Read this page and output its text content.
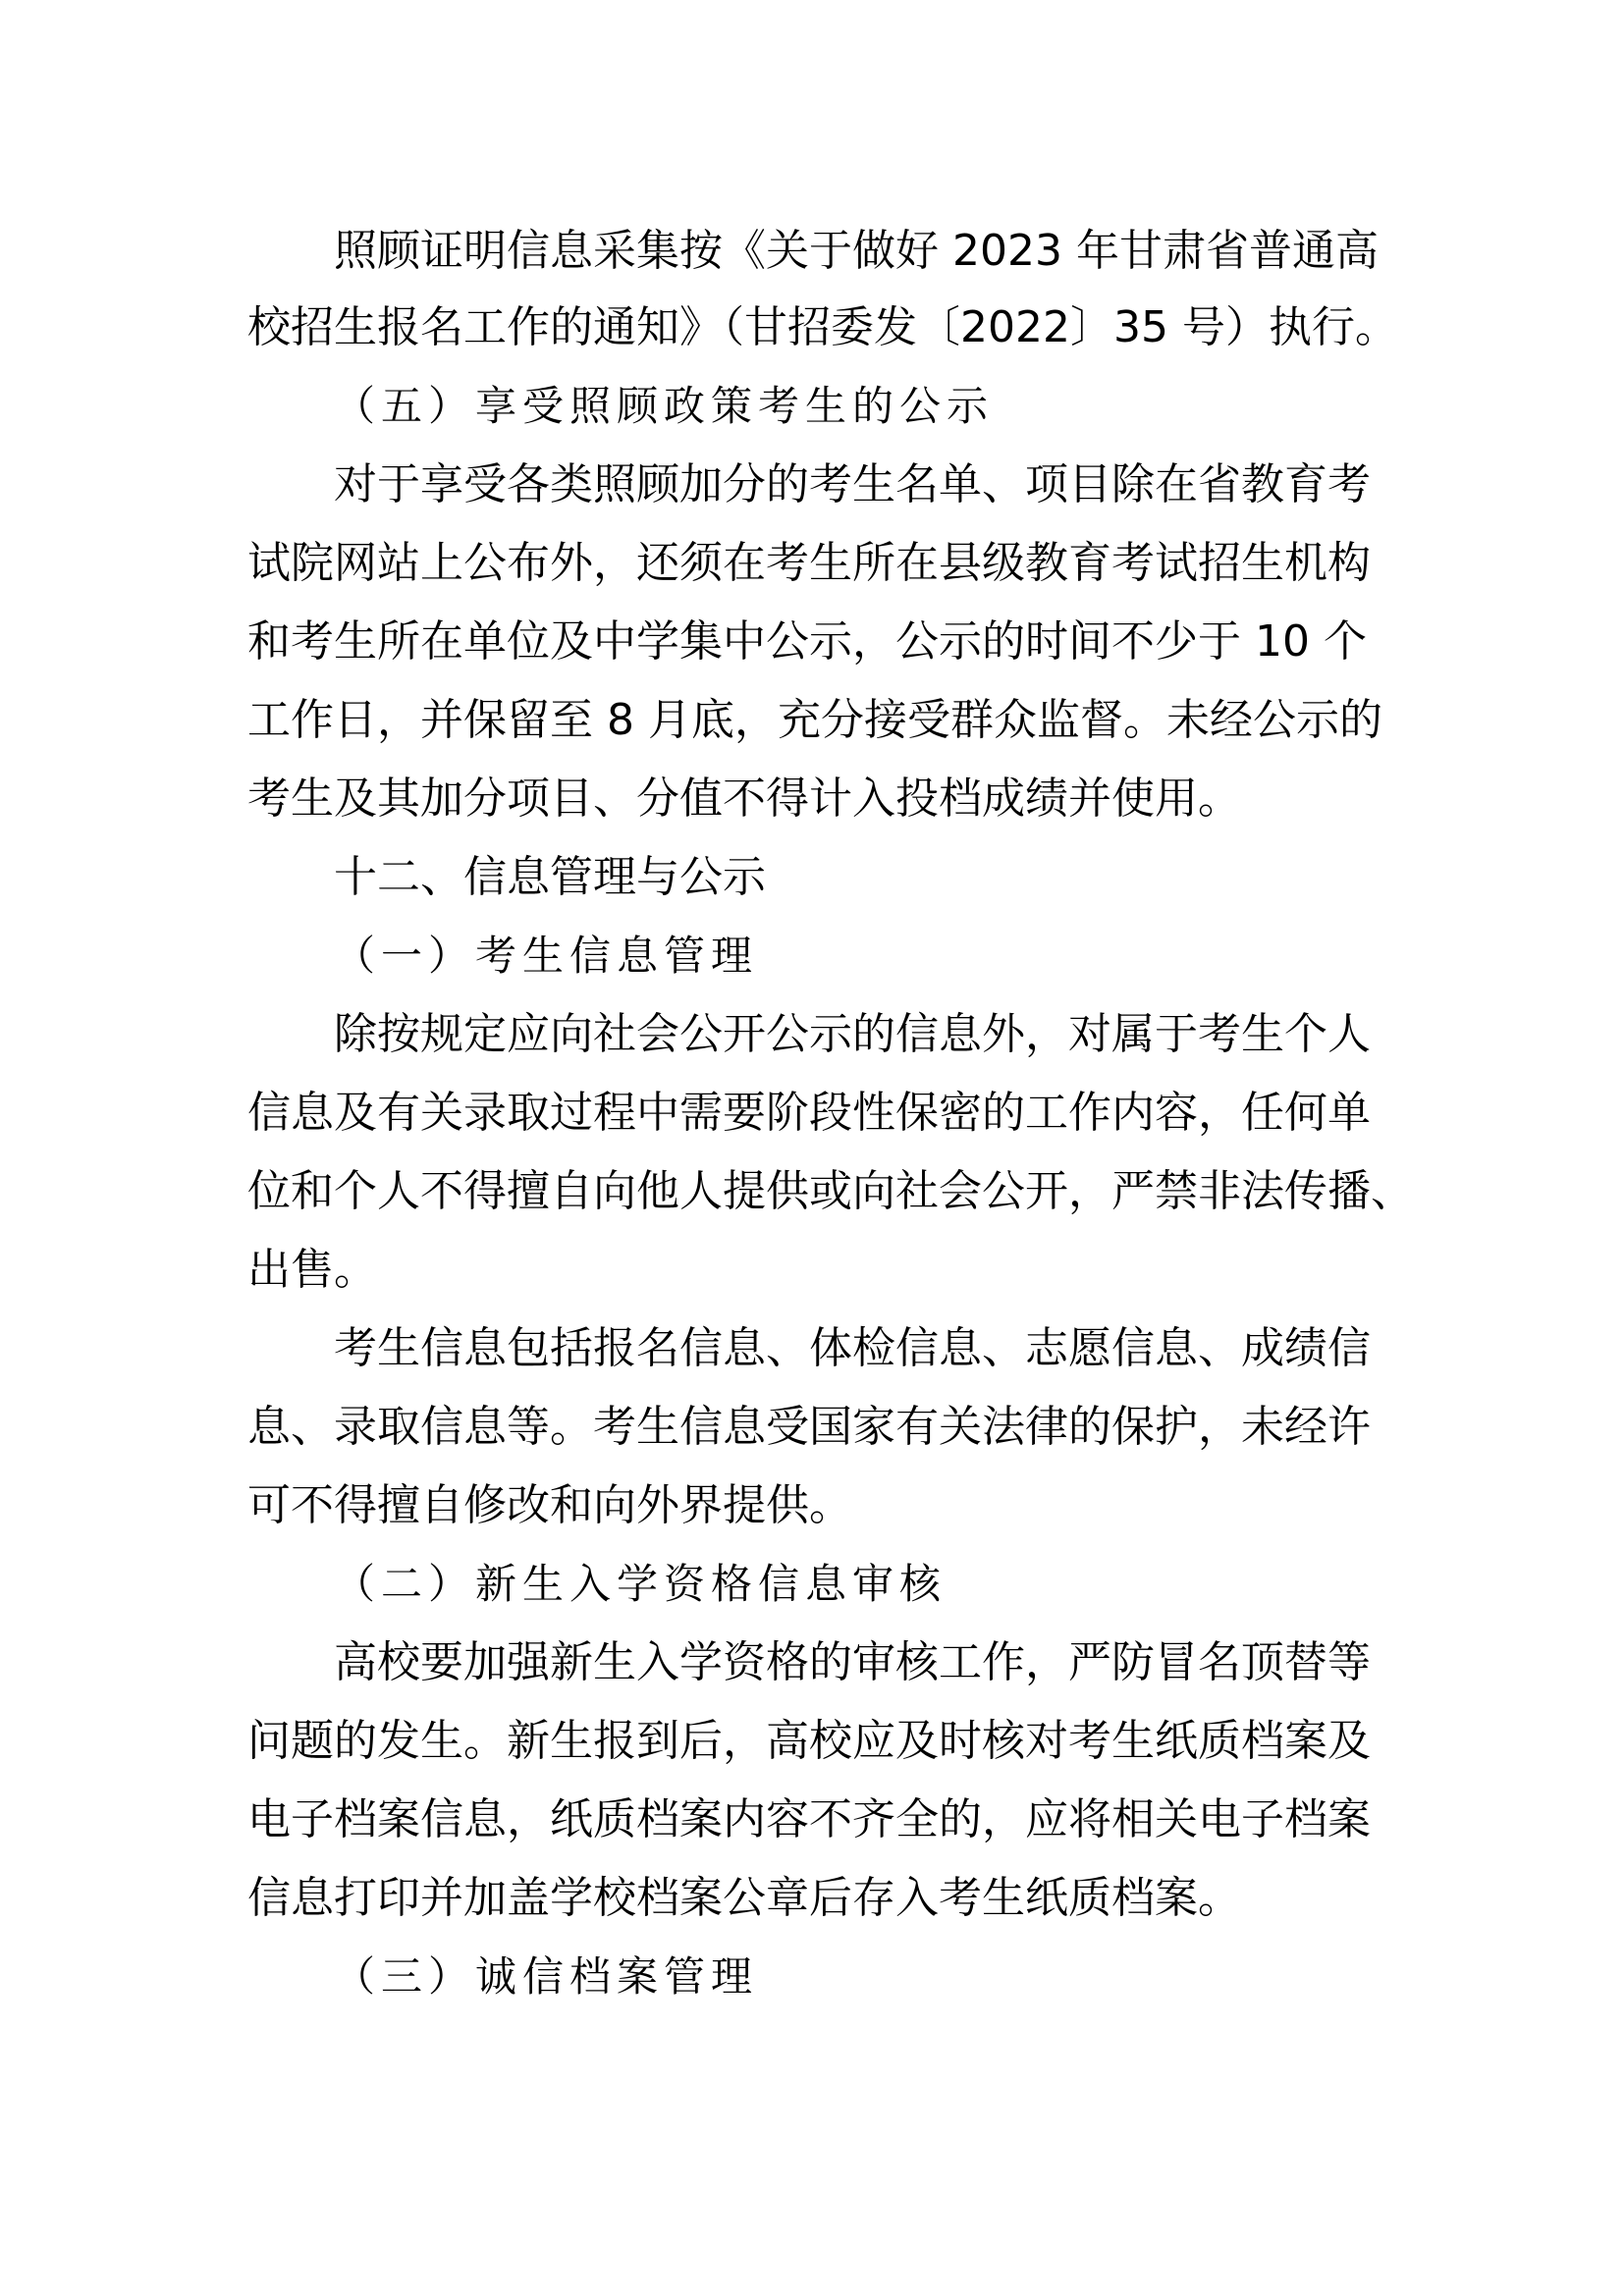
照顾证明信息采集按《关于做好 2023 年甘肃省普通高
校招生报名工作的通知》（甘招委发〔2022〕35 号）执行。
（五）享受照顾政策考生的公示
对于享受各类照顾加分的考生名单、项目除在省教育考
试院网站上公布外，还须在考生所在县级教育考试招生机构
和考生所在单位及中学集中公示，公示的时间不少于 10 个
工作日，并保留至 8 月底，充分接受群众监督。未经公示的
考生及其加分项目、分值不得计入投档成绩并使用。
十二、信息管理与公示
（一）考生信息管理
除按规定应向社会公开公示的信息外，对属于考生个人
信息及有关录取过程中需要阶段性保密的工作内容，任何单
位和个人不得擅自向他人提供或向社会公开，严禁非法传播、
出售。
考生信息包括报名信息、体检信息、志愿信息、成绩信
息、录取信息等。考生信息受国家有关法律的保护，未经许
可不得擅自修改和向外界提供。
（二）新生入学资格信息审核
高校要加强新生入学资格的审核工作，严防冒名顶替等
问题的发生。新生报到后，高校应及时核对考生纸质档案及
电子档案信息，纸质档案内容不齐全的，应将相关电子档案
信息打印并加盖学校档案公章后存入考生纸质档案。
（三）诚信档案管理
